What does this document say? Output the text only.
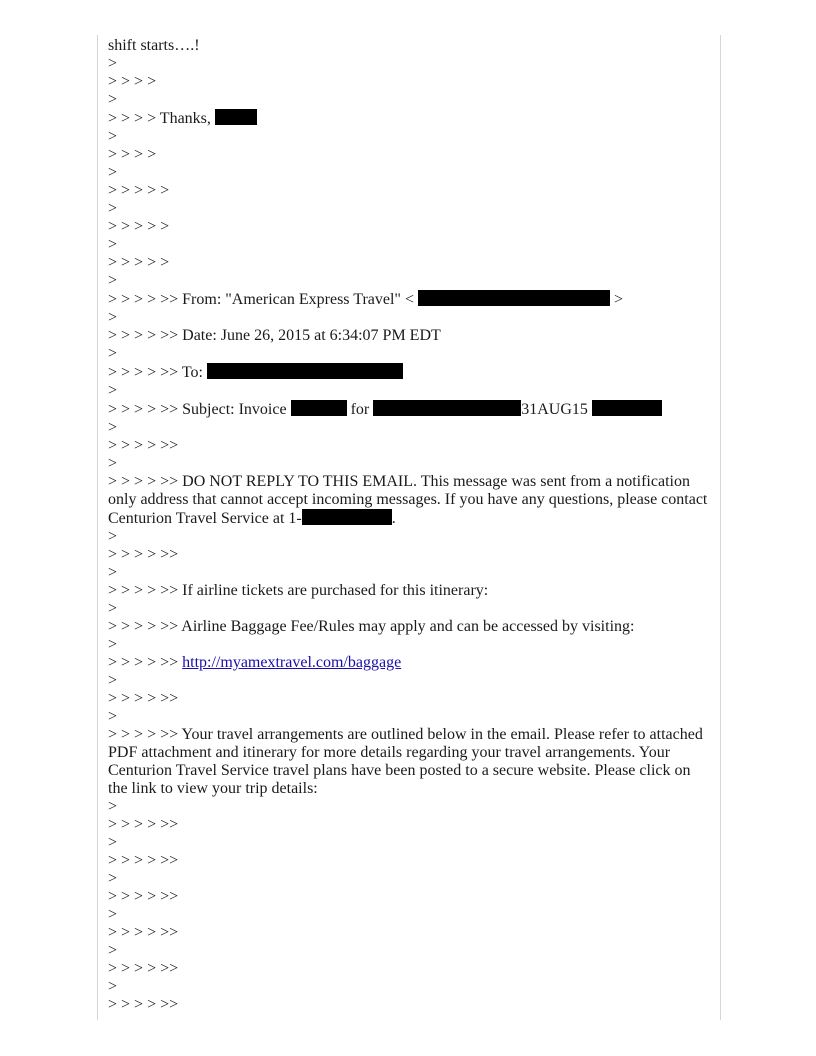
shift starts….!

>

> > > >

>

> > > > Thanks,

>

> > > >

>

> > > > >

>

> > > > >

>

> > > > >

>

> > > > >> From: "American Express Travel" <	>

>

> > > > >> Date: June 26, 2015 at 6:34:07 PM EDT

>

> > > > >> To:

>

> > > > >> Subject: Invoice	for	31AUG15

>

> > > > >>

>

> > > > >> DO NOT REPLY TO THIS EMAIL. This message was sent from a notification only address that cannot accept incoming messages. If you have any questions, please contact Centurion Travel Service at 1-	.

>

> > > > >>

>

> > > > >> If airline tickets are purchased for this itinerary:

>

> > > > >> Airline Baggage Fee/Rules may apply and can be accessed by visiting:

>

> > > > >> http://myamextravel.com/baggage

>

> > > > >>

>

> > > > >> Your travel arrangements are outlined below in the email. Please refer to attached PDF attachment and itinerary for more details regarding your travel arrangements. Your Centurion Travel Service travel plans have been posted to a secure website. Please click on the link to view your trip details:

>

> > > > >>

>

> > > > >>

>

> > > > >>

>

> > > > >>

>

> > > > >>

>

> > > > >>
